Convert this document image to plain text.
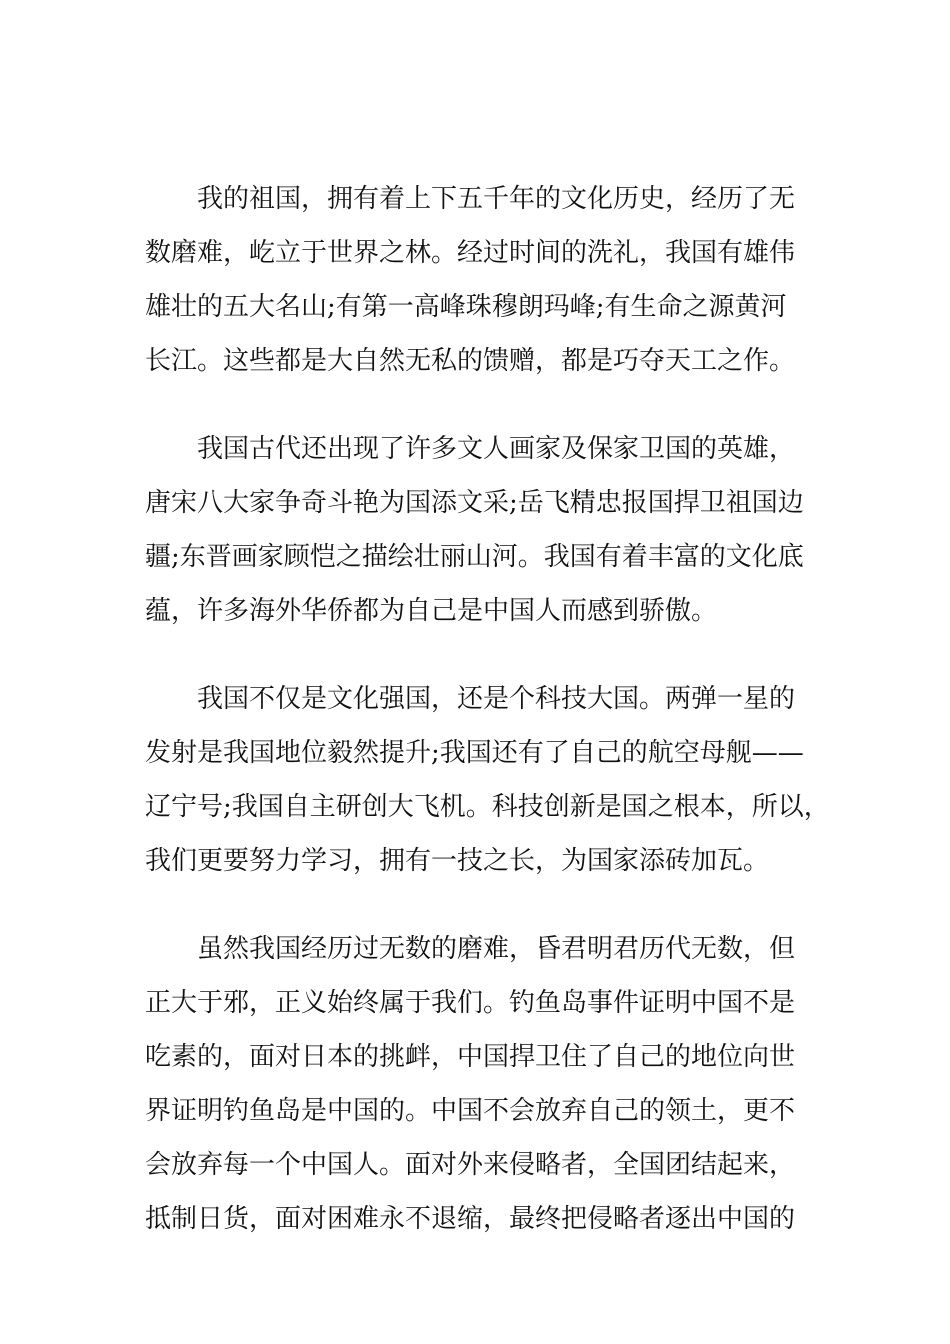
　　我的祖国，拥有着上下五千年的文化历史，经历了无
数磨难，屹立于世界之林。经过时间的洗礼，我国有雄伟
雄壮的五大名山;有第一高峰珠穆朗玛峰;有生命之源黄河
长江。这些都是大自然无私的馈赠，都是巧夺天工之作。

　　我国古代还出现了许多文人画家及保家卫国的英雄，
唐宋八大家争奇斗艳为国添文采;岳飞精忠报国捍卫祖国边
疆;东晋画家顾恺之描绘壮丽山河。我国有着丰富的文化底
蕴，许多海外华侨都为自己是中国人而感到骄傲。

　　我国不仅是文化强国，还是个科技大国。两弹一星的
发射是我国地位毅然提升;我国还有了自己的航空母舰——
辽宁号;我国自主研创大飞机。科技创新是国之根本，所以，
我们更要努力学习，拥有一技之长，为国家添砖加瓦。

　　虽然我国经历过无数的磨难，昏君明君历代无数，但
正大于邪，正义始终属于我们。钓鱼岛事件证明中国不是
吃素的，面对日本的挑衅，中国捍卫住了自己的地位向世
界证明钓鱼岛是中国的。中国不会放弃自己的领土，更不
会放弃每一个中国人。面对外来侵略者，全国团结起来，
抵制日货，面对困难永不退缩，最终把侵略者逐出中国的
